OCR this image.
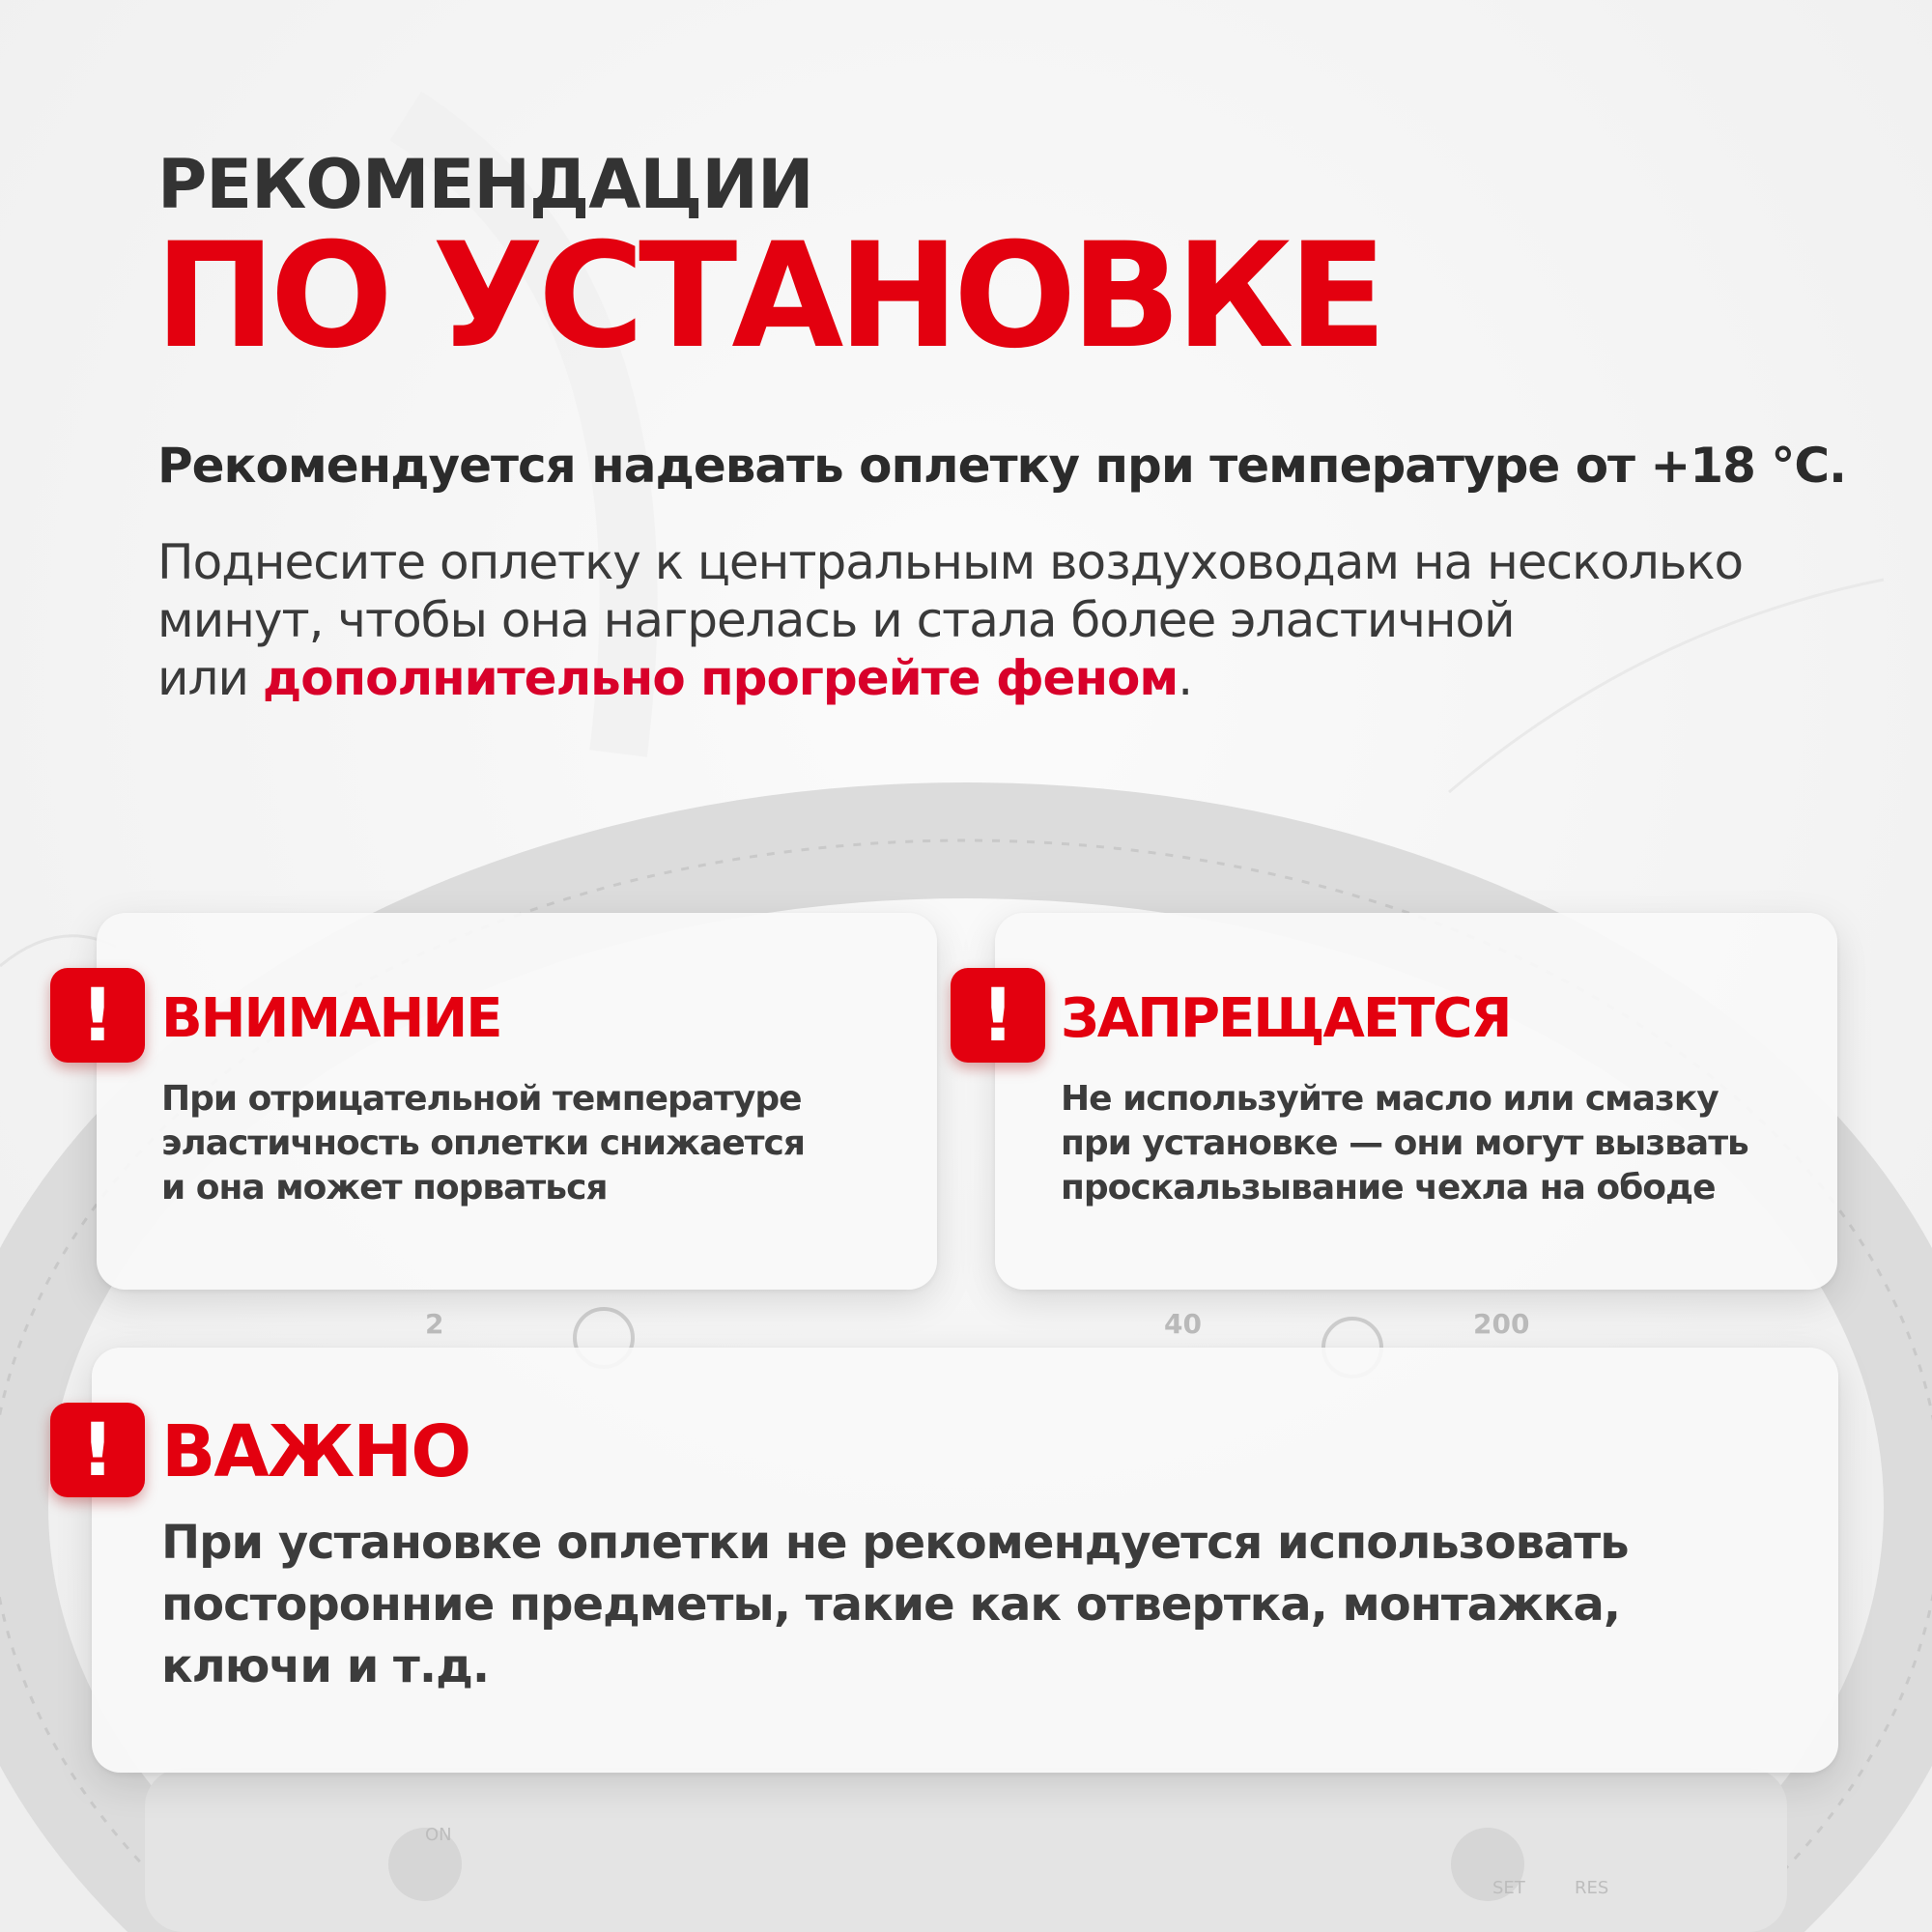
2	40	200
ON
SET	RES
РЕКОМЕНДАЦИИ
ПО УСТАНОВКЕ
Рекомендуется надевать оплетку при температуре от +18 °С.
Поднесите оплетку к центральным воздуховодам на несколько
минут, чтобы она нагрелась и стала более эластичной
или дополнительно прогрейте феном.
! ВНИМАНИЕ
При отрицательной температуре
эластичность оплетки снижается
и она может порваться
! ЗАПРЕЩАЕТСЯ
Не используйте масло или смазку
при установке — они могут вызвать
проскальзывание чехла на ободе
! ВАЖНО
При установке оплетки не рекомендуется использовать
посторонние предметы, такие как отвертка, монтажка,
ключи и т.д.
